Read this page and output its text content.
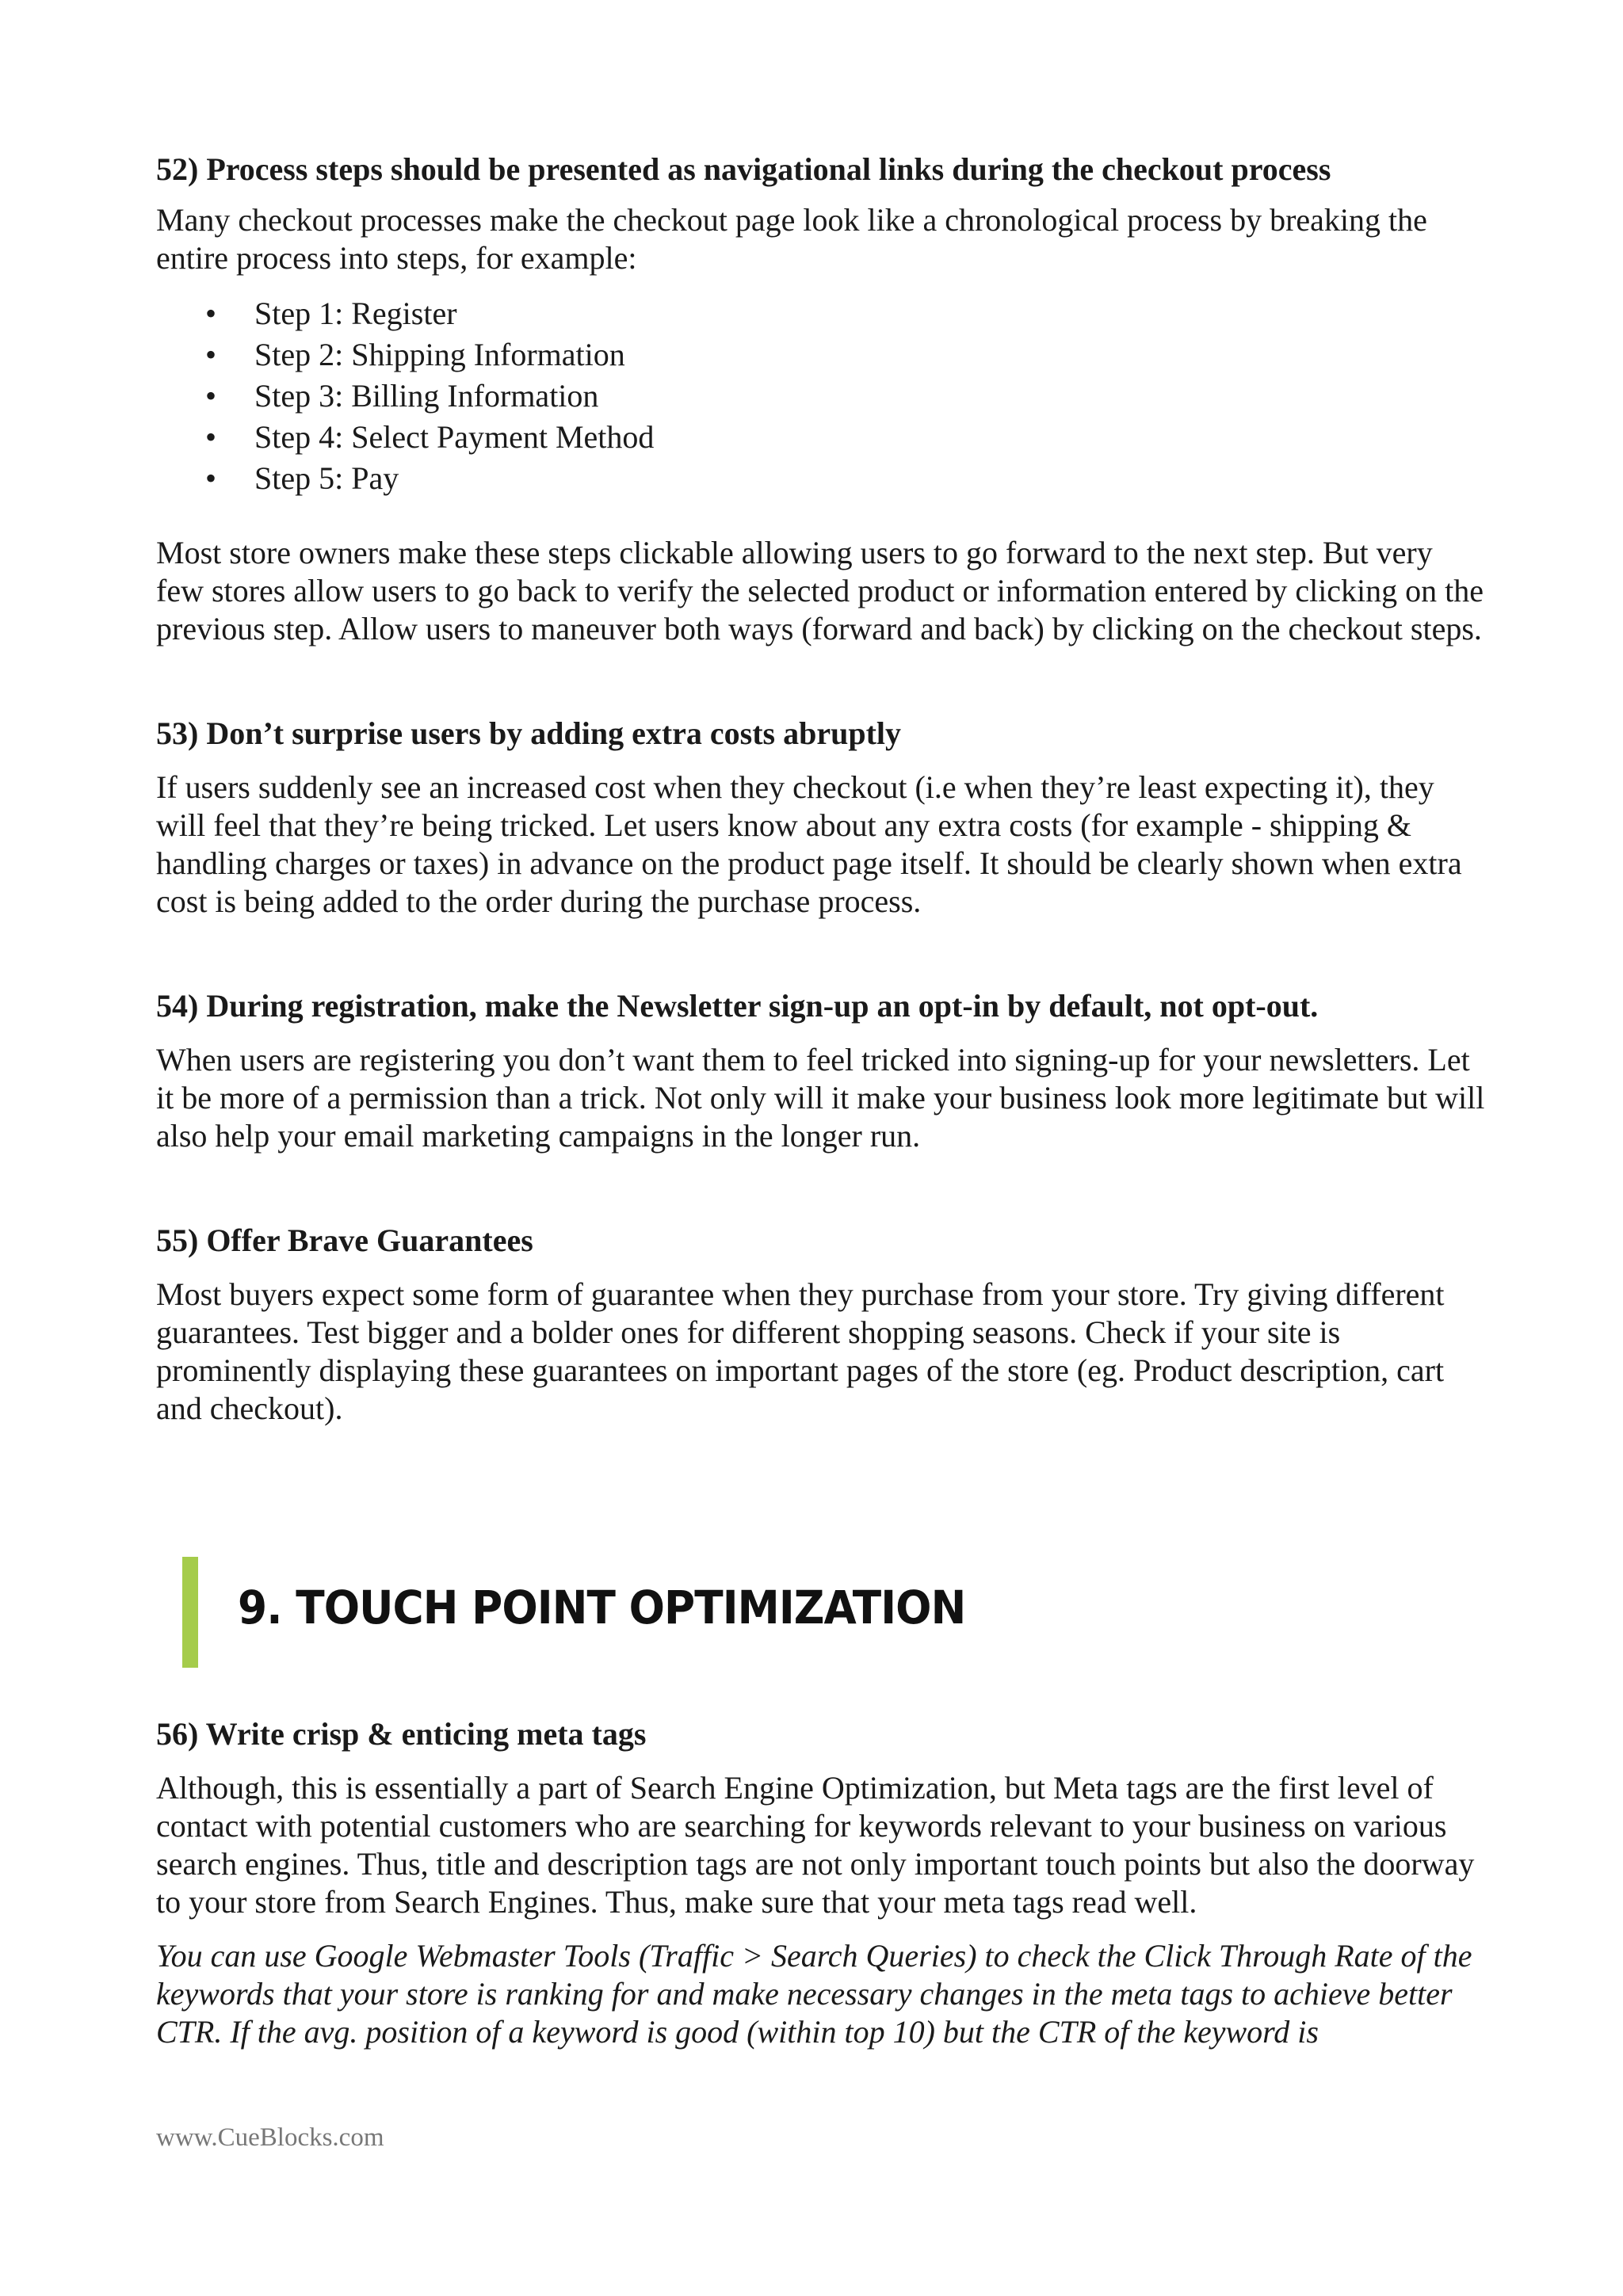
52) Process steps should be presented as navigational links during the checkout process

Many checkout processes make the checkout page look like a chronological process by breaking the entire process into steps, for example:

• Step 1: Register
• Step 2: Shipping Information
• Step 3: Billing Information
• Step 4: Select Payment Method
• Step 5: Pay

Most store owners make these steps clickable allowing users to go forward to the next step. But very few stores allow users to go back to verify the selected product or information entered by clicking on the previous step. Allow users to maneuver both ways (forward and back) by clicking on the checkout steps.

53) Don’t surprise users by adding extra costs abruptly

If users suddenly see an increased cost when they checkout (i.e when they’re least expecting it), they will feel that they’re being tricked. Let users know about any extra costs (for example - shipping & handling charges or taxes) in advance on the product page itself. It should be clearly shown when extra cost is being added to the order during the purchase process.

54) During registration, make the Newsletter sign-up an opt-in by default, not opt-out.

When users are registering you don’t want them to feel tricked into signing-up for your newsletters. Let it be more of a permission than a trick. Not only will it make your business look more legitimate but will also help your email marketing campaigns in the longer run.

55) Offer Brave Guarantees

Most buyers expect some form of guarantee when they purchase from your store. Try giving different guarantees. Test bigger and a bolder ones for different shopping seasons. Check if your site is prominently displaying these guarantees on important pages of the store (eg. Product description, cart and checkout).

9. TOUCH POINT OPTIMIZATION

56) Write crisp & enticing meta tags

Although, this is essentially a part of Search Engine Optimization, but Meta tags are the first level of contact with potential customers who are searching for keywords relevant to your business on various search engines. Thus, title and description tags are not only important touch points but also the doorway to your store from Search Engines. Thus, make sure that your meta tags read well.

You can use Google Webmaster Tools (Traffic > Search Queries) to check the Click Through Rate of the keywords that your store is ranking for and make necessary changes in the meta tags to achieve better CTR. If the avg. position of a keyword is good (within top 10) but the CTR of the keyword is

www.CueBlocks.com
